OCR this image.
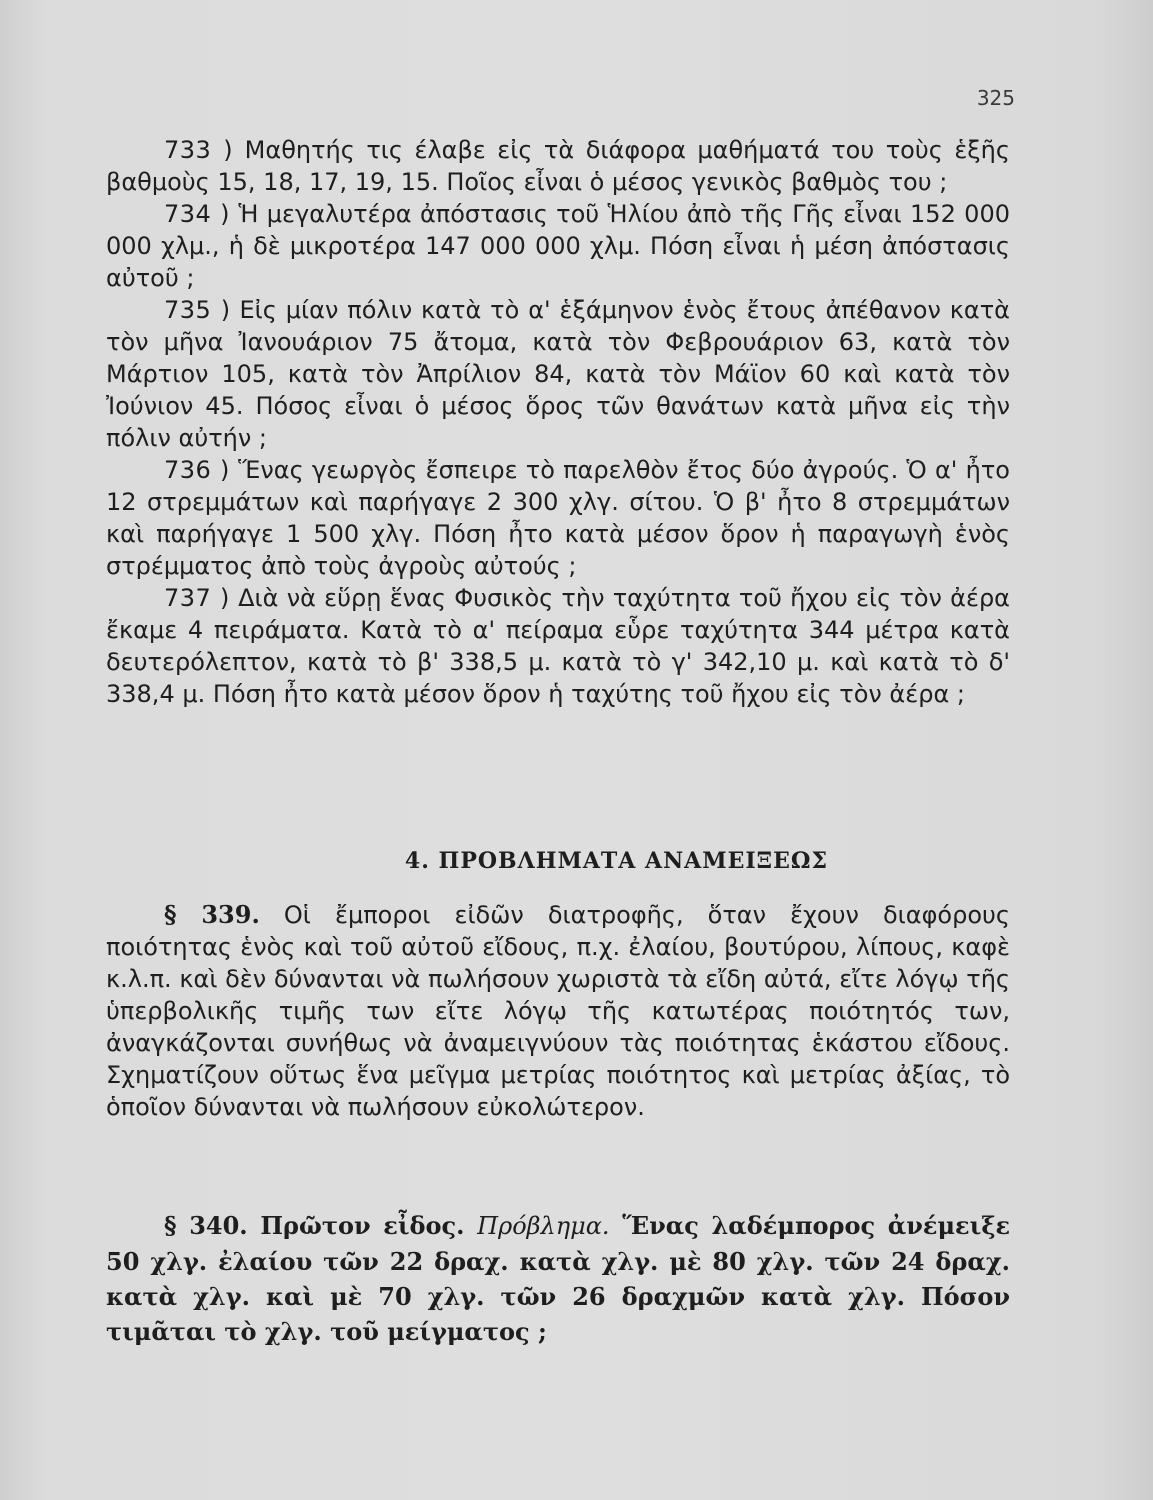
325

733 ) Μαθητής τις έλαβε εἰς τὰ διάφορα μαθήματά του τοὺς ἑξῆς βαθμοὺς 15, 18, 17, 19, 15. Ποῖος εἶναι ὁ μέσος γενικὸς βαθμὸς του ;

734 ) Ἡ μεγαλυτέρα ἀπόστασις τοῦ Ἡλίου ἀπὸ τῆς Γῆς εἶναι 152 000 000 χλμ., ἡ δὲ μικροτέρα 147 000 000 χλμ. Πόση εἶναι ἡ μέση ἀπόστασις αὐτοῦ ;

735 ) Εἰς μίαν πόλιν κατὰ τὸ α' ἑξάμηνον ἑνὸς ἔτους ἀπέθανον κατὰ τὸν μῆνα Ἰανουάριον 75 ἄτομα, κατὰ τὸν Φεβρουάριον 63, κατὰ τὸν Μάρτιον 105, κατὰ τὸν Ἀπρίλιον 84, κατὰ τὸν Μάϊον 60 καὶ κατὰ τὸν Ἰούνιον 45. Πόσος εἶναι ὁ μέσος ὅρος τῶν θανάτων κατὰ μῆνα εἰς τὴν πόλιν αὐτήν ;

736 ) Ἕνας γεωργὸς ἔσπειρε τὸ παρελθὸν ἔτος δύο ἀγρούς. Ὁ α' ἦτο 12 στρεμμάτων καὶ παρήγαγε 2 300 χλγ. σίτου. Ὁ β' ἦτο 8 στρεμμάτων καὶ παρήγαγε 1 500 χλγ. Πόση ἦτο κατὰ μέσον ὅρον ἡ παραγωγὴ ἑνὸς στρέμματος ἀπὸ τοὺς ἀγροὺς αὐτούς ;

737 ) Διὰ νὰ εὕρῃ ἕνας Φυσικὸς τὴν ταχύτητα τοῦ ἤχου εἰς τὸν ἀέρα ἔκαμε 4 πειράματα. Κατὰ τὸ α' πείραμα εὗρε ταχύτητα 344 μέτρα κατὰ δευτερόλεπτον, κατὰ τὸ β' 338,5 μ. κατὰ τὸ γ' 342,10 μ. καὶ κατὰ τὸ δ' 338,4 μ. Πόση ἦτο κατὰ μέσον ὅρον ἡ ταχύτης τοῦ ἤχου εἰς τὸν ἀέρα ;

4. ΠΡΟΒΛΗΜΑΤΑ ΑΝΑΜΕΙΞΕΩΣ

§ 339. Οἱ ἔμποροι εἰδῶν διατροφῆς, ὅταν ἔχουν διαφόρους ποιότητας ἑνὸς καὶ τοῦ αὐτοῦ εἴδους, π.χ. ἐλαίου, βουτύρου, λίπους, καφὲ κ.λ.π. καὶ δὲν δύνανται νὰ πωλήσουν χωριστὰ τὰ εἴδη αὐτά, εἴτε λόγῳ τῆς ὑπερβολικῆς τιμῆς των εἴτε λόγῳ τῆς κατωτέρας ποιότητός των, ἀναγκάζονται συνήθως νὰ ἀναμειγνύουν τὰς ποιότητας ἑκάστου εἴδους. Σχηματίζουν οὕτως ἕνα μεῖγμα μετρίας ποιότητος καὶ μετρίας ἀξίας, τὸ ὁποῖον δύνανται νὰ πωλήσουν εὐκολώτερον.

§ 340. Πρῶτον εἶδος. Πρόβλημα. Ἕνας λαδέμπορος ἀνέμειξε 50 χλγ. ἐλαίου τῶν 22 δραχ. κατὰ χλγ. μὲ 80 χλγ. τῶν 24 δραχ. κατὰ χλγ. καὶ μὲ 70 χλγ. τῶν 26 δραχμῶν κατὰ χλγ. Πόσον τιμᾶται τὸ χλγ. τοῦ μείγματος ;
